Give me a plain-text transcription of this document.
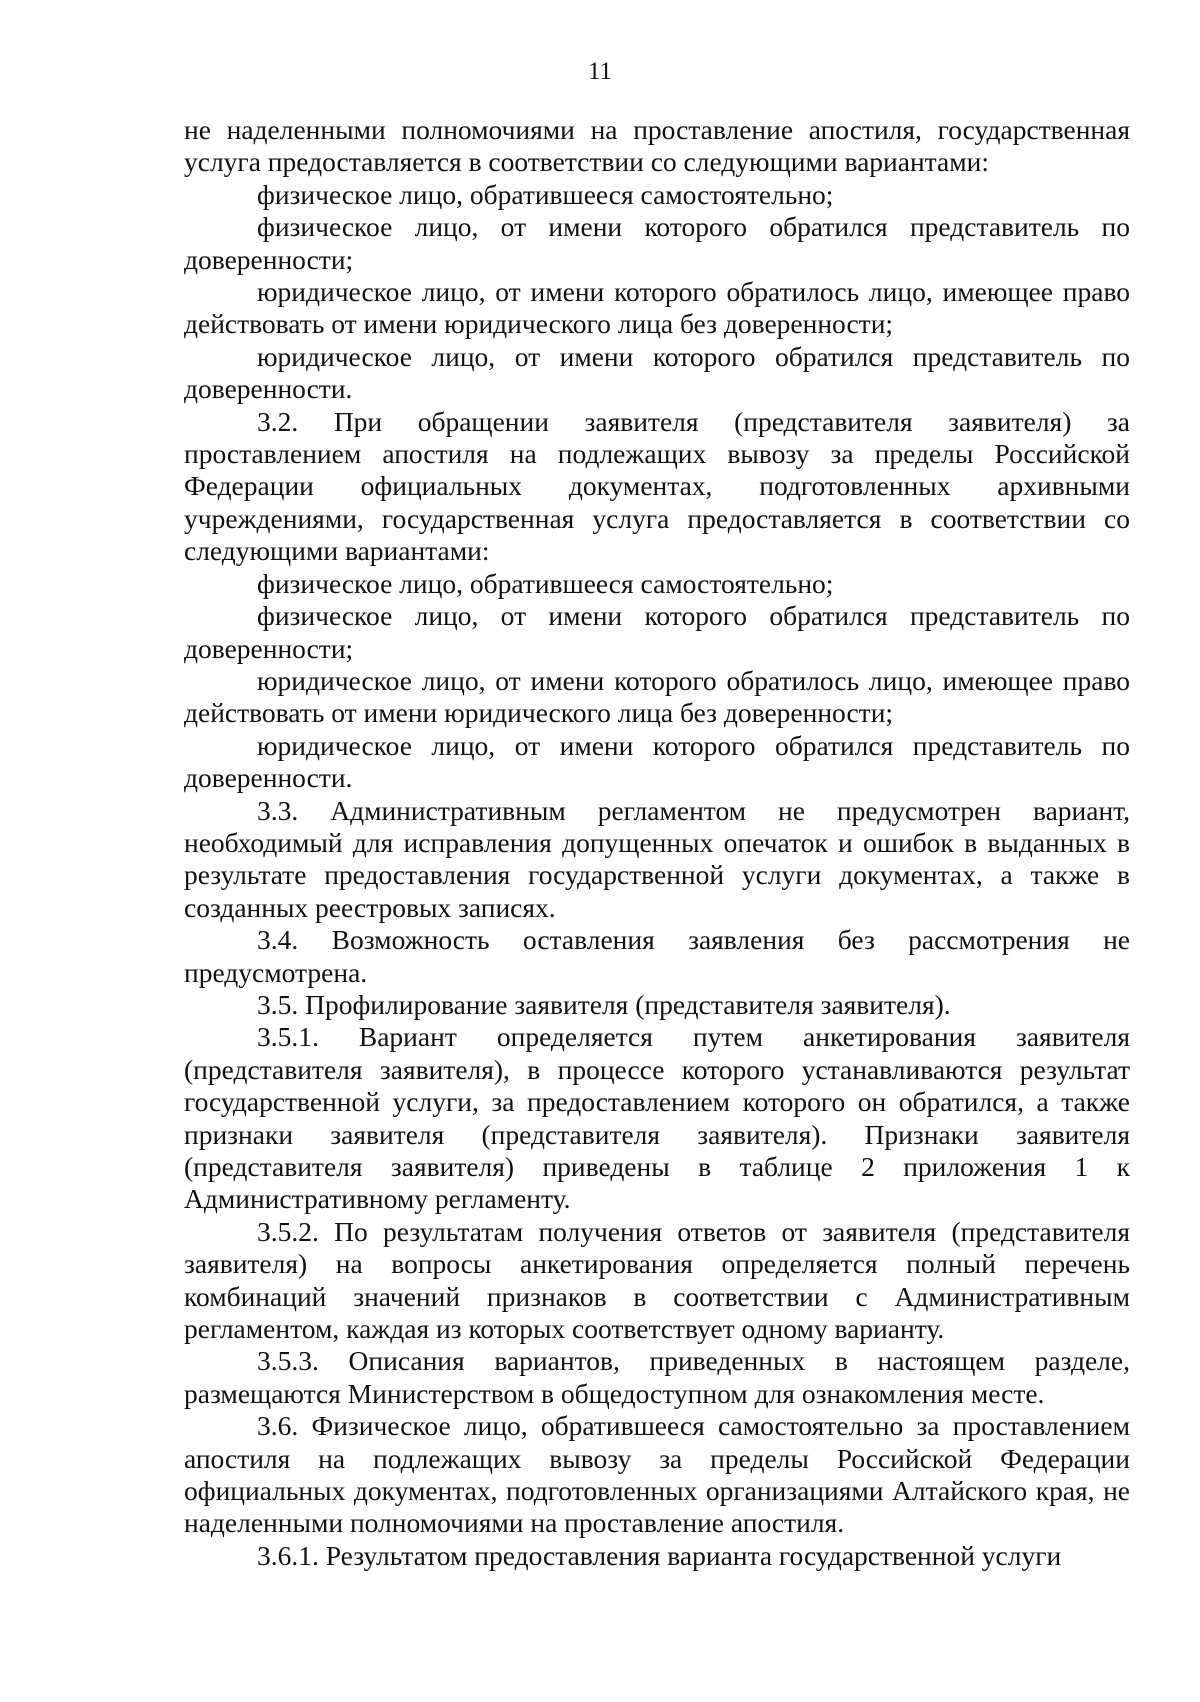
11

не наделенными полномочиями на проставление апостиля, государственная услуга предоставляется в соответствии со следующими вариантами:

физическое лицо, обратившееся самостоятельно;

физическое лицо, от имени которого обратился представитель по доверенности;

юридическое лицо, от имени которого обратилось лицо, имеющее право действовать от имени юридического лица без доверенности;

юридическое лицо, от имени которого обратился представитель по доверенности.

3.2. При обращении заявителя (представителя заявителя) за проставлением апостиля на подлежащих вывозу за пределы Российской Федерации официальных документах, подготовленных архивными учреждениями, государственная услуга предоставляется в соответствии со следующими вариантами:

физическое лицо, обратившееся самостоятельно;

физическое лицо, от имени которого обратился представитель по доверенности;

юридическое лицо, от имени которого обратилось лицо, имеющее право действовать от имени юридического лица без доверенности;

юридическое лицо, от имени которого обратился представитель по доверенности.

3.3. Административным регламентом не предусмотрен вариант, необходимый для исправления допущенных опечаток и ошибок в выданных в результате предоставления государственной услуги документах, а также в созданных реестровых записях.

3.4. Возможность оставления заявления без рассмотрения не предусмотрена.

3.5. Профилирование заявителя (представителя заявителя).

3.5.1. Вариант определяется путем анкетирования заявителя (представителя заявителя), в процессе которого устанавливаются результат государственной услуги, за предоставлением которого он обратился, а также признаки заявителя (представителя заявителя). Признаки заявителя (представителя заявителя) приведены в таблице 2 приложения 1 к Административному регламенту.

3.5.2. По результатам получения ответов от заявителя (представителя заявителя) на вопросы анкетирования определяется полный перечень комбинаций значений признаков в соответствии с Административным регламентом, каждая из которых соответствует одному варианту.

3.5.3. Описания вариантов, приведенных в настоящем разделе, размещаются Министерством в общедоступном для ознакомления месте.

3.6. Физическое лицо, обратившееся самостоятельно за проставлением апостиля на подлежащих вывозу за пределы Российской Федерации официальных документах, подготовленных организациями Алтайского края, не наделенными полномочиями на проставление апостиля.

3.6.1. Результатом предоставления варианта государственной услуги
